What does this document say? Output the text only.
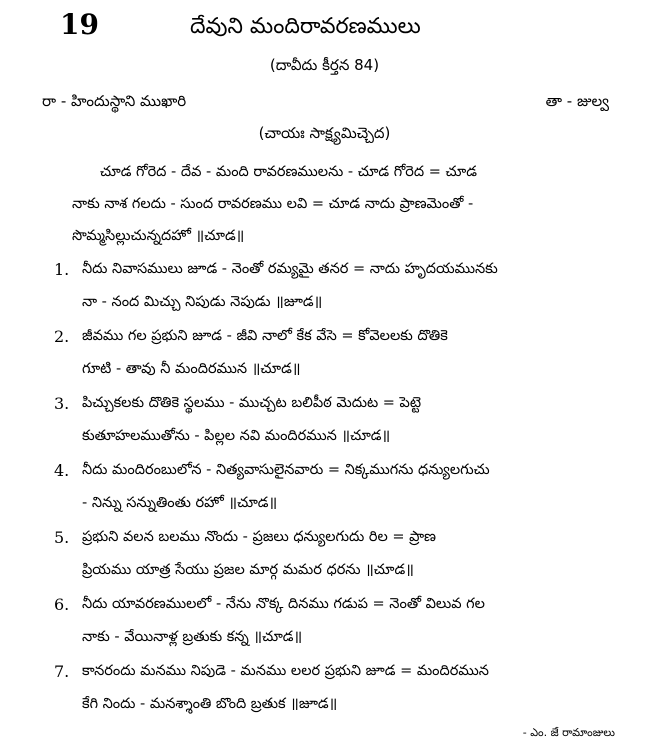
19	దేవుని మందిరావరణములు
(దావీదు కీర్తన 84)
రా - హిందుస్థాని ముఖారి	తా - జుల్వ
(చాయః సాక్ష్యమిచ్చెద)
చూడ గోరెద - దేవ - మంది రావరణములను - చూడ గోరెద = చూడ
నాకు నాశ గలదు - సుంద రావరణము లవి = చూడ నాదు ప్రాణమెంతో -
సొమ్మసిల్లుచున్నదహో ॥చూడ॥
1. నీదు నివాసములు జూడ - నెంతో రమ్యమై తనర = నాదు హృదయమునకు
నా - నంద మిచ్చు నిపుడు నెపుడు ॥జూడ॥
2. జీవము గల ప్రభుని జూడ - జీవి నాలో కేక వేసె = కోవెలలకు దొతికె
గూటి - తావు నీ మందిరమున ॥చూడ॥
3. పిచ్చుకలకు దొతికె స్థలము - ముచ్చట బలిపీఠ మెదుట = పెట్టె
కుతూహలముతోను - పిల్లల నవి మందిరమున ॥చూడ॥
4. నీదు మందిరంబులోన - నిత్యవాసులైనవారు = నిక్కముగను ధన్యులగుచు
- నిన్ను సన్నుతింతు రహో ॥చూడ॥
5. ప్రభుని వలన బలము నొందు - ప్రజలు ధన్యులగుదు రిల = ప్రాణ
ప్రియము యాత్ర సేయు ప్రజల మార్గ మమర ధరను ॥చూడ॥
6. నీదు యావరణములలో - నేను నొక్క దినము గడుప = నెంతో విలువ గల
నాకు - వేయినాళ్ల బ్రతుకు కన్న ॥చూడ॥
7. కానరందు మనము నిపుడె - మనము లలర ప్రభుని జూడ = మందిరమున
కేగి నిందు - మనశ్శాంతి బొంది బ్రతుక ॥జూడ॥
- ఎం. జే రామాంజులు
